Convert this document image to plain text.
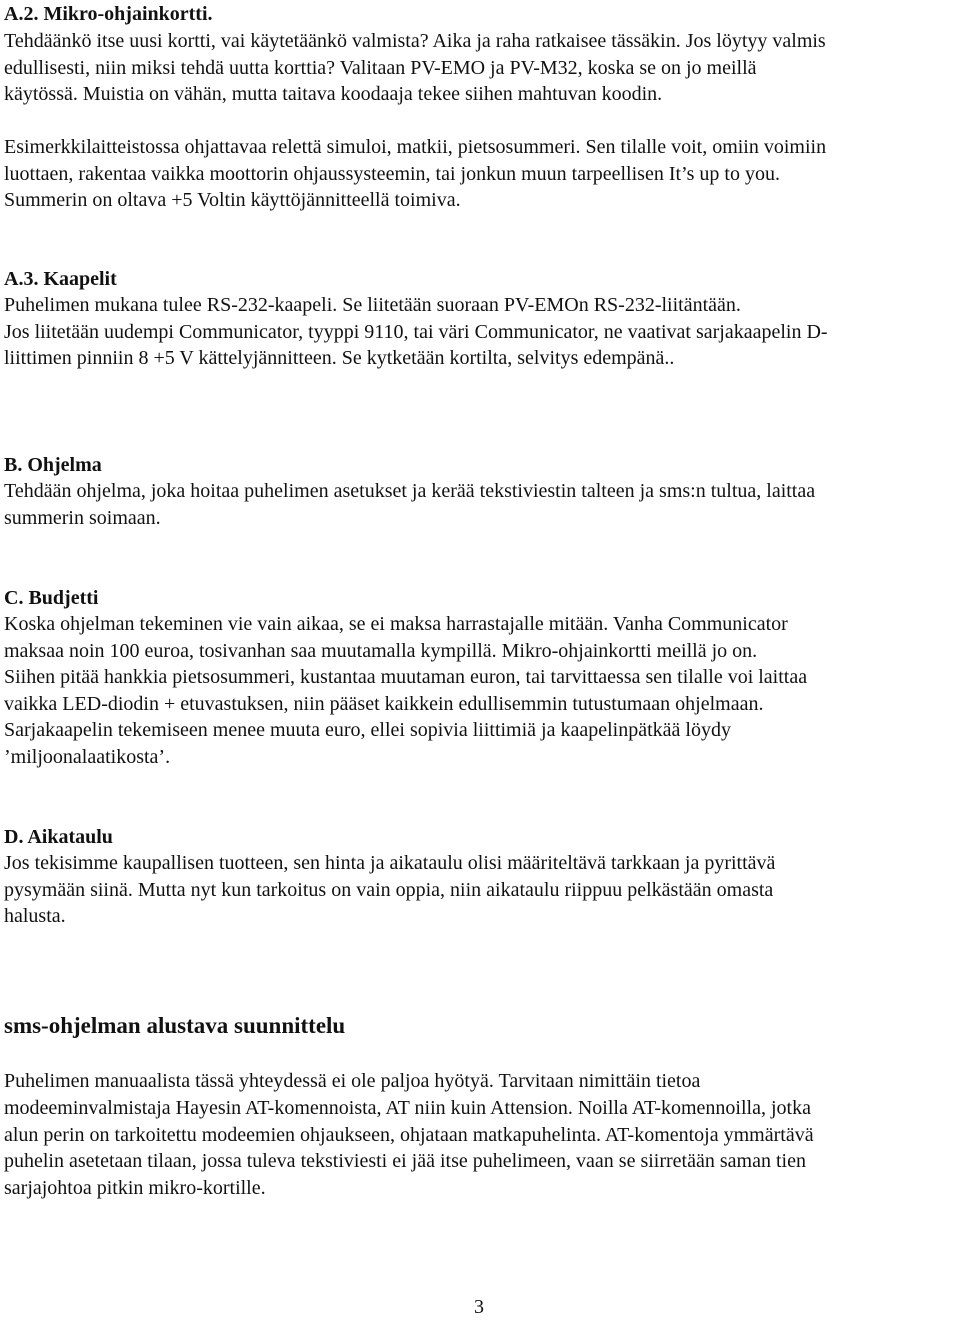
A.2. Mikro-ohjainkortti.
Tehdäänkö itse uusi kortti, vai käytetäänkö valmista? Aika ja raha ratkaisee tässäkin. Jos löytyy valmis
edullisesti, niin miksi tehdä uutta korttia? Valitaan PV-EMO ja PV-M32, koska se on jo meillä
käytössä. Muistia on vähän, mutta taitava koodaaja tekee siihen mahtuvan koodin.
Esimerkkilaitteistossa ohjattavaa relettä simuloi, matkii, pietsosummeri. Sen tilalle voit, omiin voimiin
luottaen, rakentaa vaikka moottorin ohjaussysteemin, tai jonkun muun tarpeellisen It’s up to you.
Summerin on oltava +5 Voltin käyttöjännitteellä toimiva.
A.3. Kaapelit
Puhelimen mukana tulee RS-232-kaapeli. Se liitetään suoraan PV-EMOn RS-232-liitäntään.
Jos liitetään uudempi Communicator, tyyppi 9110, tai väri Communicator, ne vaativat sarjakaapelin D-
liittimen pinniin 8 +5 V kättelyjännitteen. Se kytketään kortilta, selvitys edempänä..
B. Ohjelma
Tehdään ohjelma, joka hoitaa puhelimen asetukset ja kerää tekstiviestin talteen ja sms:n tultua, laittaa
summerin soimaan.
C. Budjetti
Koska ohjelman tekeminen vie vain aikaa, se ei maksa harrastajalle mitään. Vanha Communicator
maksaa noin 100 euroa, tosivanhan saa muutamalla kympillä. Mikro-ohjainkortti meillä jo on.
Siihen pitää hankkia pietsosummeri, kustantaa muutaman euron, tai tarvittaessa sen tilalle voi laittaa
vaikka LED-diodin + etuvastuksen, niin pääset kaikkein edullisemmin tutustumaan ohjelmaan.
Sarjakaapelin tekemiseen menee muuta euro, ellei sopivia liittimiä ja kaapelinpätkää löydy
’miljoonalaatikosta’.
D. Aikataulu
Jos tekisimme kaupallisen tuotteen, sen hinta ja aikataulu olisi määriteltävä tarkkaan ja pyrittävä
pysymään siinä. Mutta nyt kun tarkoitus on vain oppia, niin aikataulu riippuu pelkästään omasta
halusta.
sms-ohjelman alustava suunnittelu
Puhelimen manuaalista tässä yhteydessä ei ole paljoa hyötyä. Tarvitaan nimittäin tietoa
modeeminvalmistaja Hayesin AT-komennoista, AT niin kuin Attension. Noilla AT-komennoilla, jotka
alun perin on tarkoitettu modeemien ohjaukseen, ohjataan matkapuhelinta. AT-komentoja ymmärtävä
puhelin asetetaan tilaan, jossa tuleva tekstiviesti ei jää itse puhelimeen, vaan se siirretään saman tien
sarjajohtoa pitkin mikro-kortille.
3
